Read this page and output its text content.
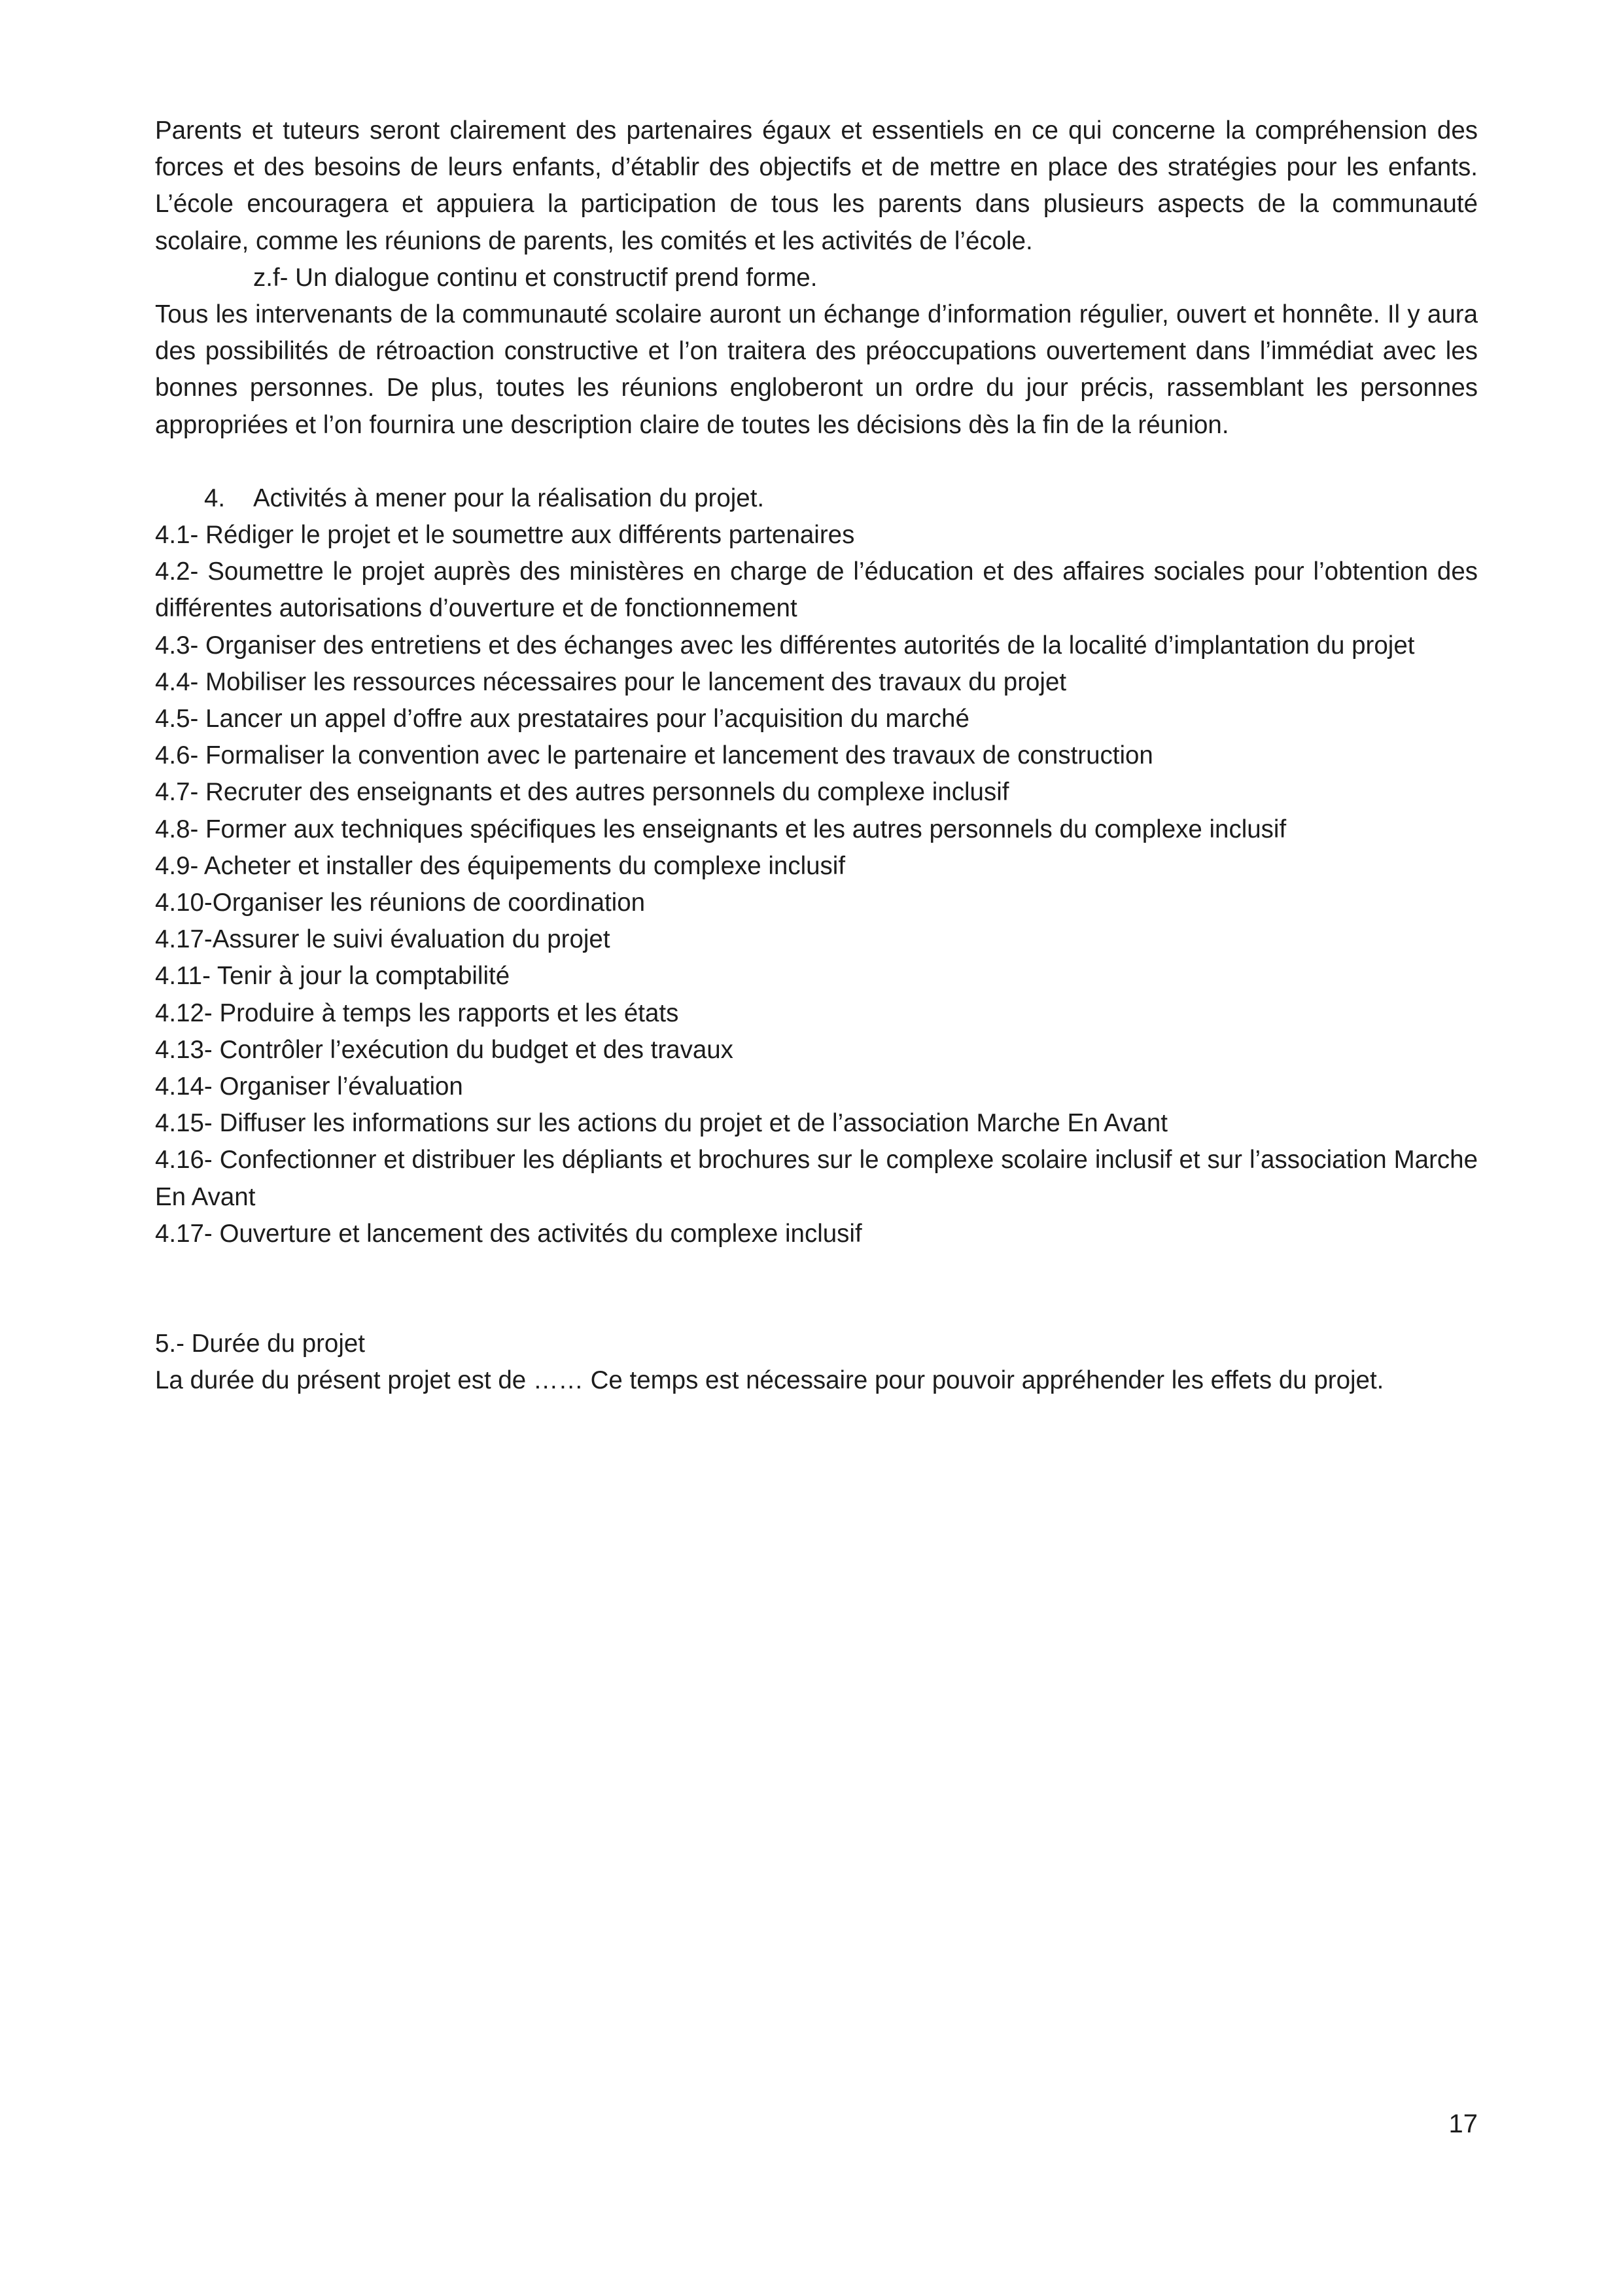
Parents et tuteurs seront clairement des partenaires égaux et essentiels en ce qui concerne la compréhension des forces et des besoins de leurs enfants, d’établir des objectifs et de mettre en place des stratégies pour les enfants. L’école encouragera et appuiera la participation de tous les parents dans plusieurs aspects de la communauté scolaire, comme les réunions de parents, les comités et les activités de l’école.

z.f- Un dialogue continu et constructif prend forme.

Tous les intervenants de la communauté scolaire auront un échange d’information régulier, ouvert et honnête. Il y aura des possibilités de rétroaction constructive et l’on traitera des préoccupations ouvertement dans l’immédiat avec les bonnes personnes. De plus, toutes les réunions engloberont un ordre du jour précis, rassemblant les personnes appropriées et l’on fournira une description claire de toutes les décisions dès la fin de la réunion.

4. Activités à mener pour la réalisation du projet.

4.1- Rédiger le projet et le soumettre aux différents partenaires

4.2- Soumettre le projet auprès des ministères en charge de l’éducation et des affaires sociales pour l’obtention des différentes autorisations d’ouverture et de fonctionnement

4.3- Organiser des entretiens et des échanges avec les différentes autorités de la localité d’implantation du projet

4.4- Mobiliser les ressources nécessaires pour le lancement des travaux du projet

4.5- Lancer un appel d’offre aux prestataires pour l’acquisition du marché

4.6- Formaliser la convention avec le partenaire et lancement des travaux de construction

4.7- Recruter des enseignants et des autres personnels du complexe inclusif

4.8- Former aux techniques spécifiques les enseignants et les autres personnels du complexe inclusif

4.9- Acheter et installer des équipements du complexe inclusif

4.10-Organiser les réunions de coordination

4.17-Assurer le suivi évaluation du projet

4.11- Tenir à jour la comptabilité

4.12- Produire à temps les rapports et les états

4.13- Contrôler l’exécution du budget et des travaux

4.14- Organiser l’évaluation

4.15- Diffuser les informations sur les actions du projet et de l’association Marche En Avant

4.16- Confectionner et distribuer les dépliants et brochures sur le complexe scolaire inclusif et sur l’association Marche En Avant

4.17- Ouverture et lancement des activités du complexe inclusif

5.- Durée du projet

La durée du présent projet est de …… Ce temps est nécessaire pour pouvoir appréhender les effets du projet.

17
